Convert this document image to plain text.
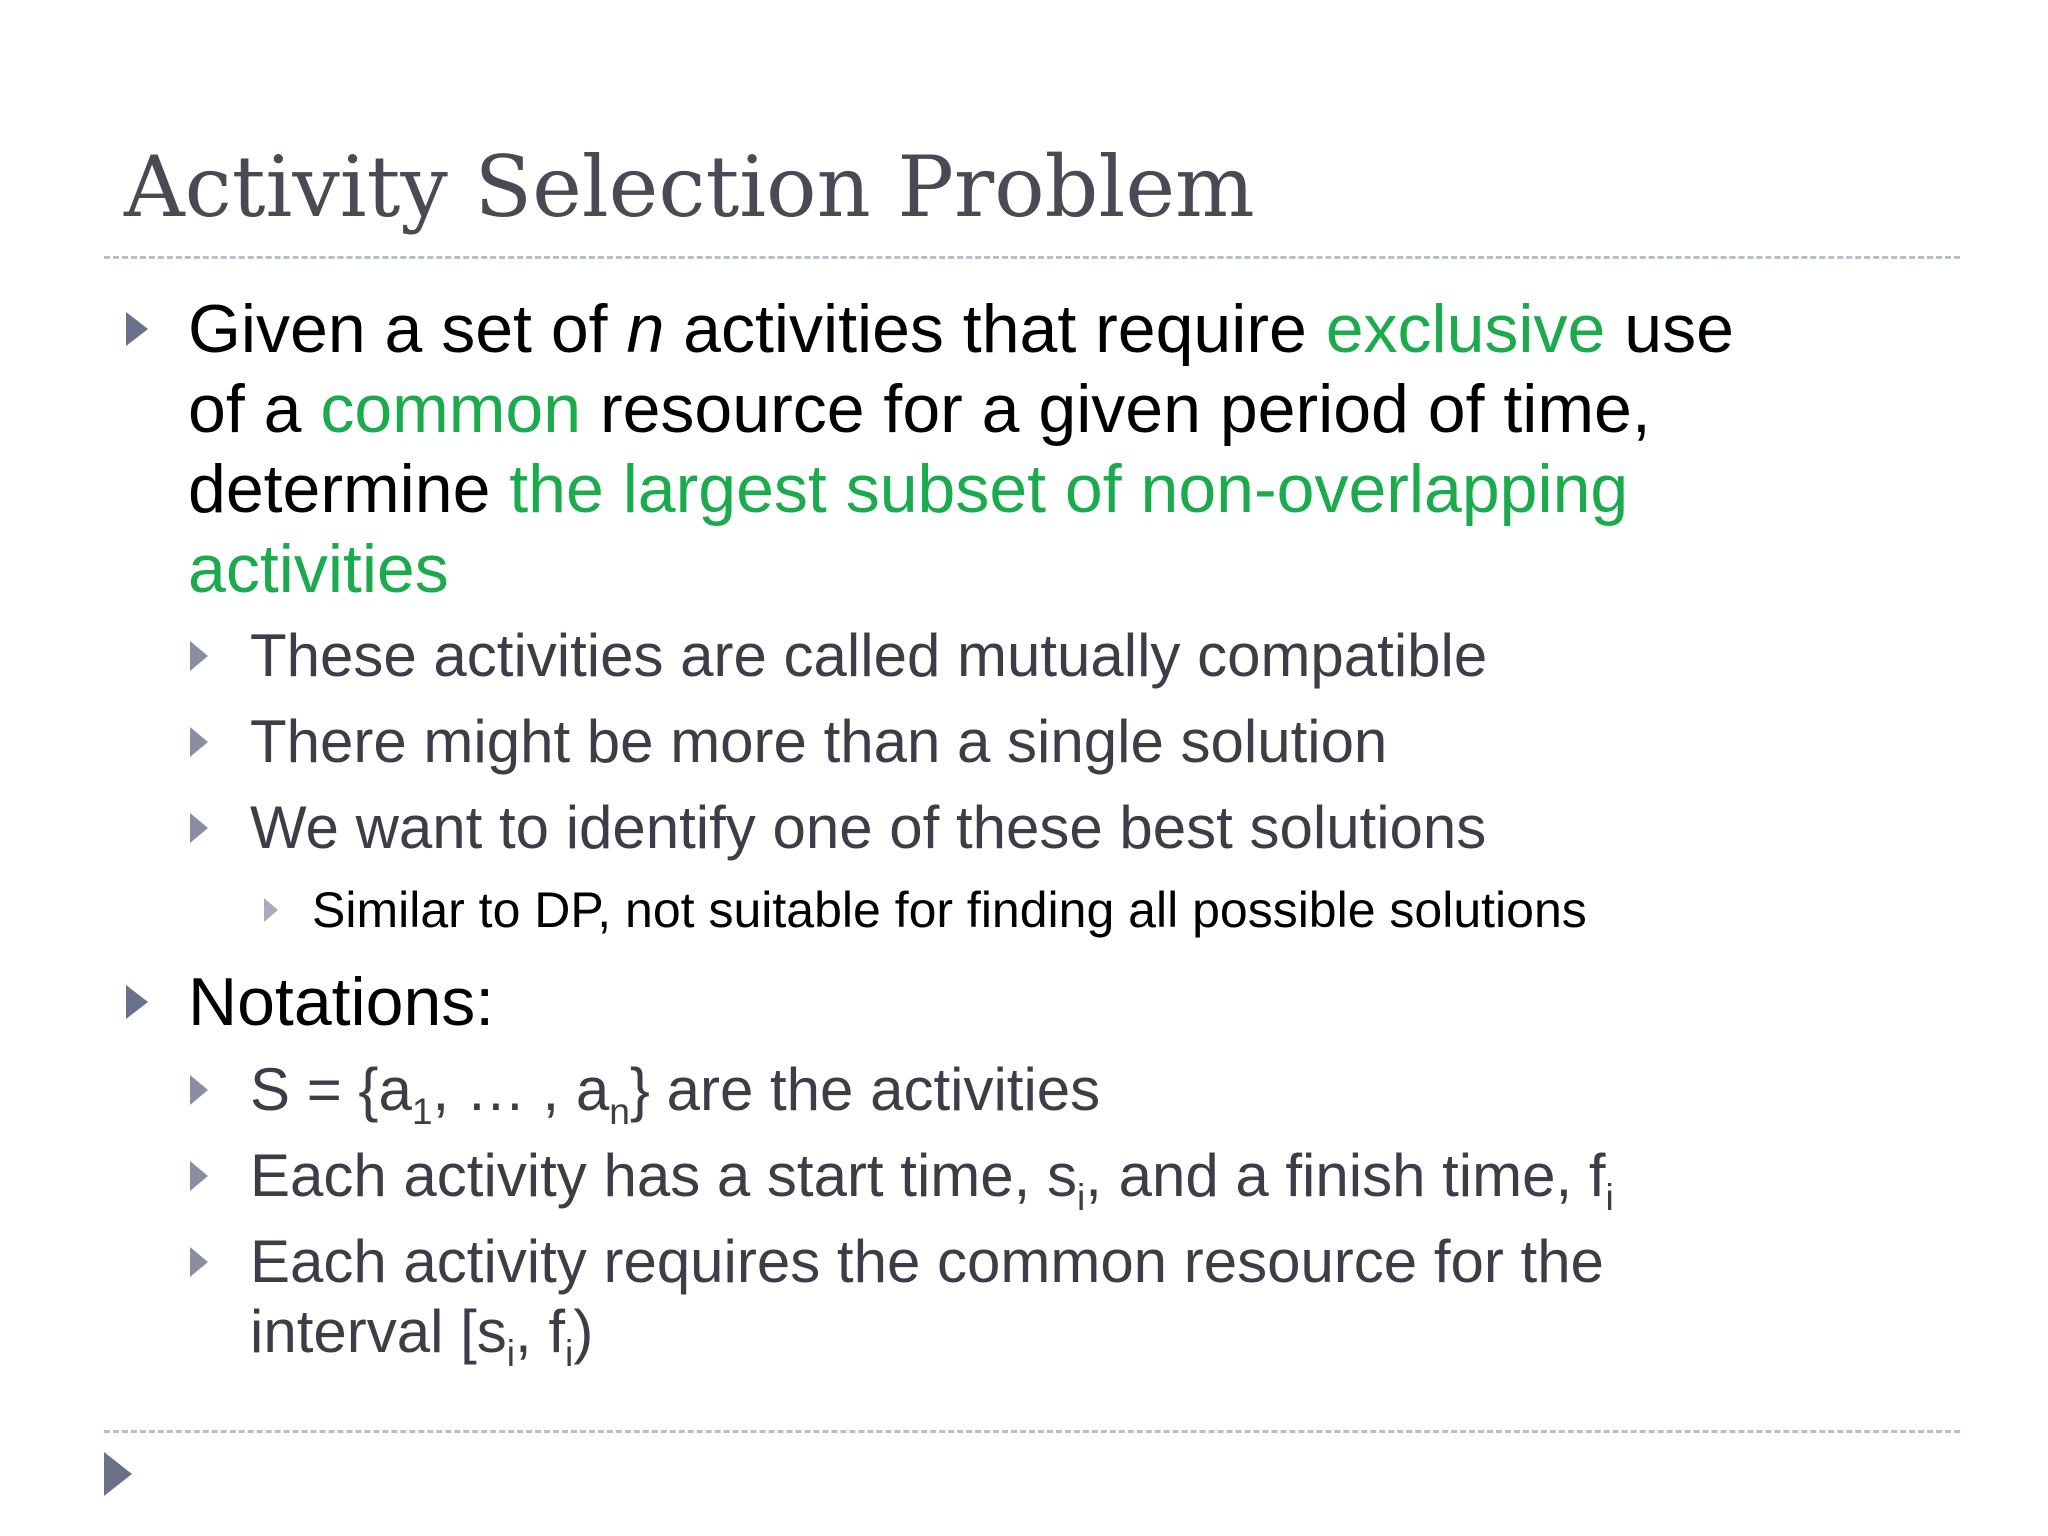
Activity Selection Problem
Given a set of n activities that require exclusive use
of a common resource for a given period of time,
determine the largest subset of non-overlapping
activities
These activities are called mutually compatible
There might be more than a single solution
We want to identify one of these best solutions
Similar to DP, not suitable for finding all possible solutions
Notations:
$S = \{a_1$, … , $a_n$} are the activities
Each activity has a start time, $s_i$, and a finish time, $f_i$
Each activity requires the common resource for the
interval [$s_i$, $f_i$)
